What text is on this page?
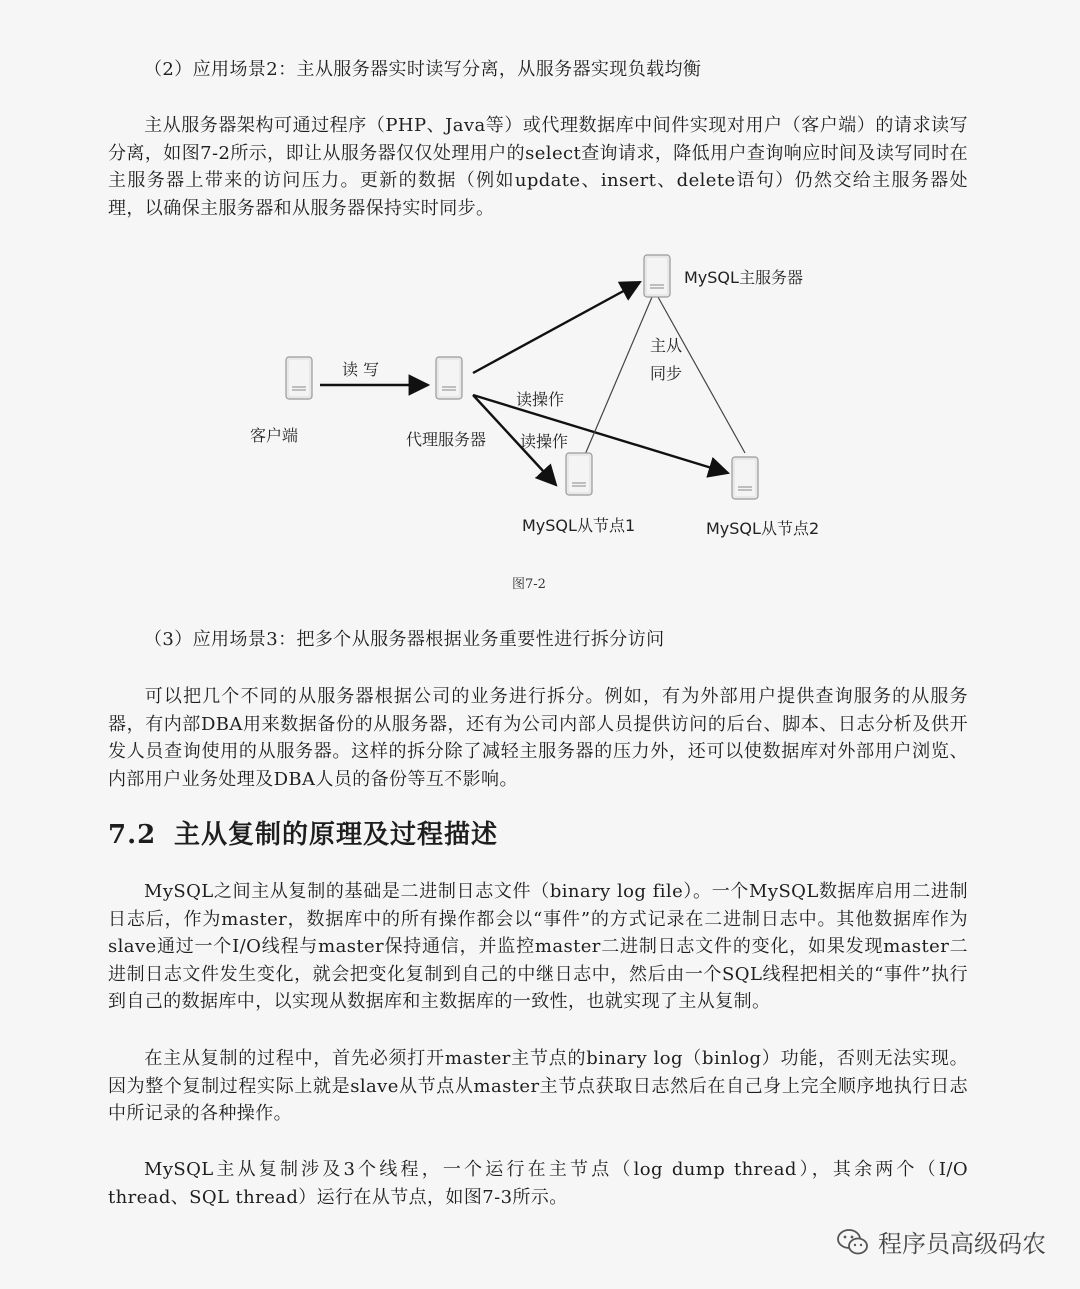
（2）应用场景2：主从服务器实时读写分离，从服务器实现负载均衡

主从服务器架构可通过程序（PHP、Java等）或代理数据库中间件实现对用户（客户端）的请求读写分离，如图7-2所示，即让从服务器仅仅处理用户的select查询请求，降低用户查询响应时间及读写同时在主服务器上带来的访问压力。更新的数据（例如update、insert、delete语句）仍然交给主服务器处理，以确保主服务器和从服务器保持实时同步。

客户端	代理服务器
MySQL主服务器
MySQL从节点1	MySQL从节点2
读 写
读操作
读操作
主从
同步

图7-2

（3）应用场景3：把多个从服务器根据业务重要性进行拆分访问

可以把几个不同的从服务器根据公司的业务进行拆分。例如，有为外部用户提供查询服务的从服务器，有内部DBA用来数据备份的从服务器，还有为公司内部人员提供访问的后台、脚本、日志分析及供开发人员查询使用的从服务器。这样的拆分除了减轻主服务器的压力外，还可以使数据库对外部用户浏览、内部用户业务处理及DBA人员的备份等互不影响。

7.2 主从复制的原理及过程描述

MySQL之间主从复制的基础是二进制日志文件（binary log file）。一个MySQL数据库启用二进制日志后，作为master，数据库中的所有操作都会以“事件”的方式记录在二进制日志中。其他数据库作为slave通过一个I/O线程与master保持通信，并监控master二进制日志文件的变化，如果发现master二进制日志文件发生变化，就会把变化复制到自己的中继日志中，然后由一个SQL线程把相关的“事件”执行到自己的数据库中，以实现从数据库和主数据库的一致性，也就实现了主从复制。

在主从复制的过程中，首先必须打开master主节点的binary log（binlog）功能，否则无法实现。因为整个复制过程实际上就是slave从节点从master主节点获取日志然后在自己身上完全顺序地执行日志中所记录的各种操作。

MySQL主从复制涉及3个线程，一个运行在主节点（log dump thread），其余两个（I/O thread、SQL thread）运行在从节点，如图7-3所示。

程序员高级码农
